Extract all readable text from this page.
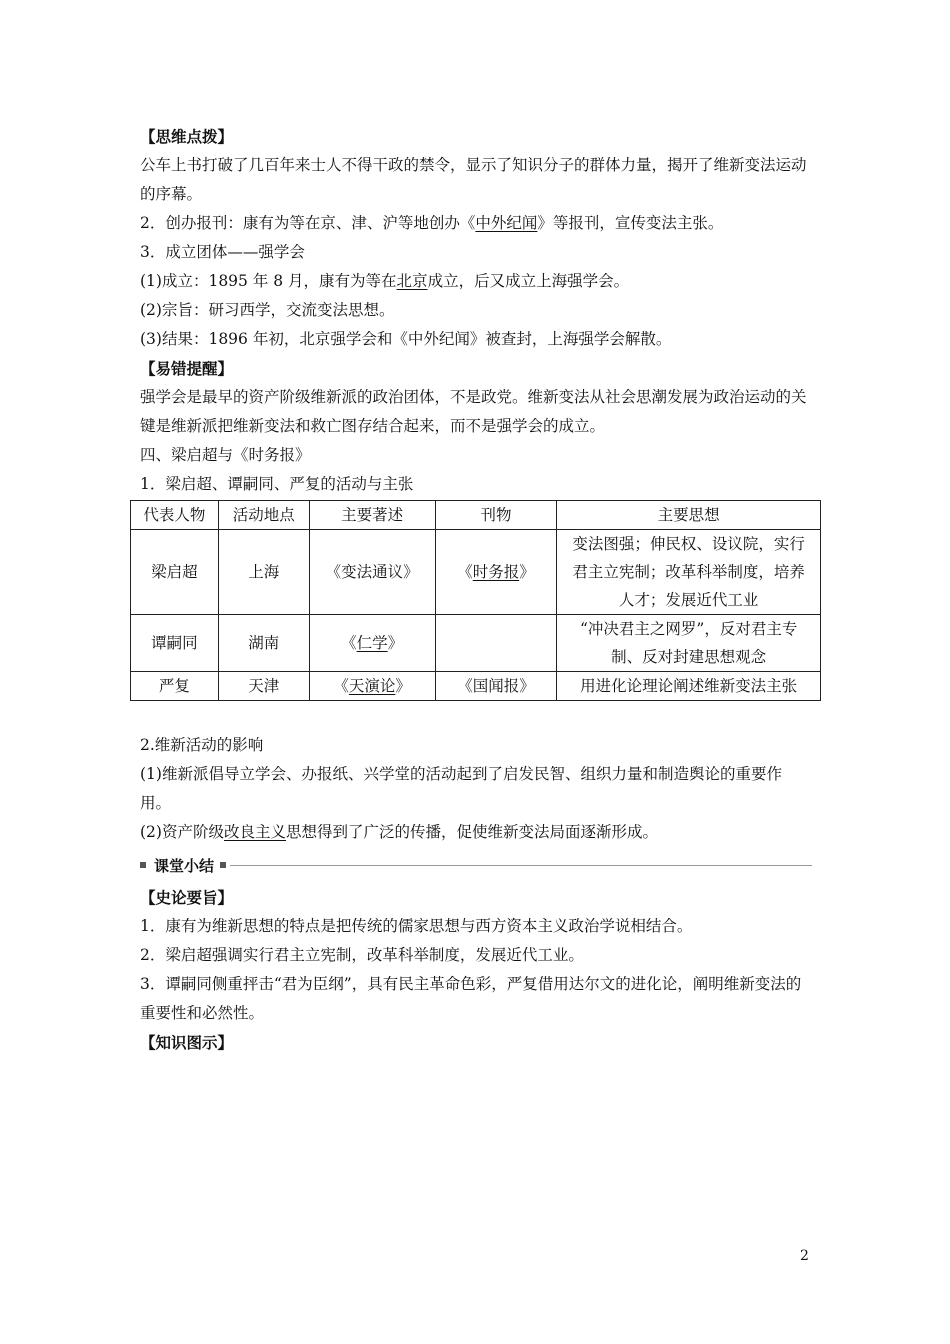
【思维点拨】

公车上书打破了几百年来士人不得干政的禁令，显示了知识分子的群体力量，揭开了维新变法运动的序幕。

2．创办报刊：康有为等在京、津、沪等地创办《中外纪闻》等报刊，宣传变法主张。

3．成立团体——强学会

(1)成立：1895 年 8 月，康有为等在北京成立，后又成立上海强学会。

(2)宗旨：研习西学，交流变法思想。

(3)结果：1896 年初，北京强学会和《中外纪闻》被查封，上海强学会解散。

【易错提醒】

强学会是最早的资产阶级维新派的政治团体，不是政党。维新变法从社会思潮发展为政治运动的关键是维新派把维新变法和救亡图存结合起来，而不是强学会的成立。

四、梁启超与《时务报》

1．梁启超、谭嗣同、严复的活动与主张

代表人物	活动地点	主要著述	刊物	主要思想
梁启超	上海	《变法通议》	《时务报》	变法图强；伸民权、设议院，实行君主立宪制；改革科举制度，培养人才；发展近代工业
谭嗣同	湖南	《仁学》		“冲决君主之网罗”，反对君主专制、反对封建思想观念
严复	天津	《天演论》	《国闻报》	用进化论理论阐述维新变法主张

2.维新活动的影响

(1)维新派倡导立学会、办报纸、兴学堂的活动起到了启发民智、组织力量和制造舆论的重要作用。

(2)资产阶级改良主义思想得到了广泛的传播，促使维新变法局面逐渐形成。

课堂小结

【史论要旨】

1．康有为维新思想的特点是把传统的儒家思想与西方资本主义政治学说相结合。

2．梁启超强调实行君主立宪制，改革科举制度，发展近代工业。

3．谭嗣同侧重抨击“君为臣纲”，具有民主革命色彩，严复借用达尔文的进化论，阐明维新变法的重要性和必然性。

【知识图示】

2
